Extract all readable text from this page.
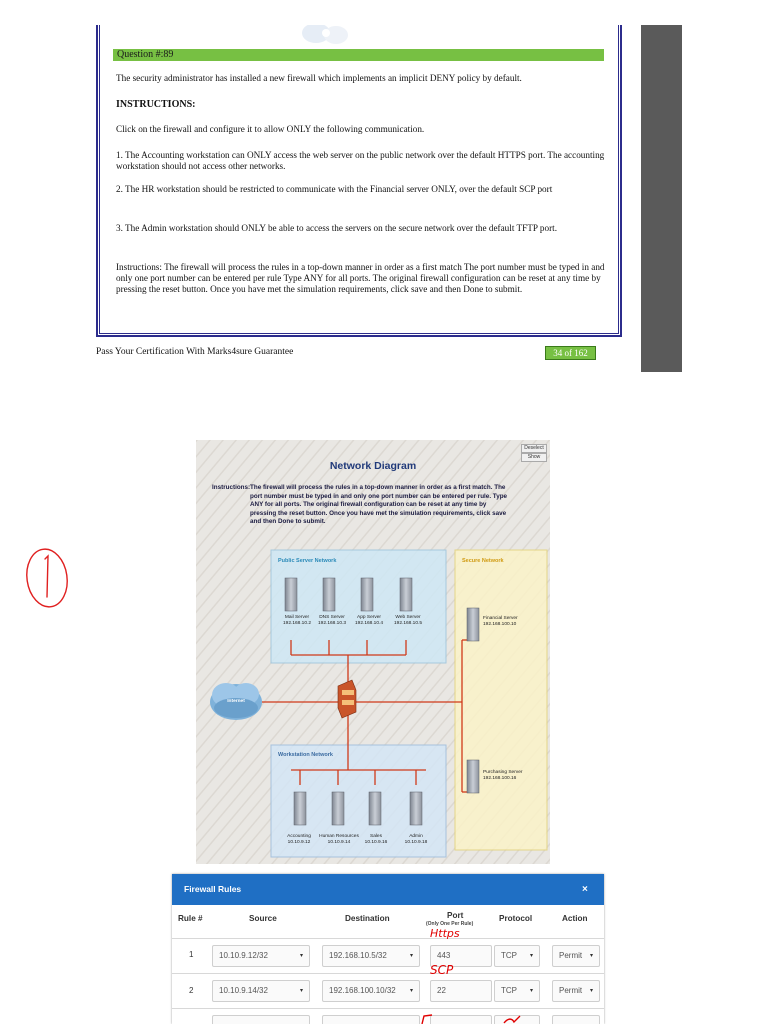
Question #:89
The security administrator has installed a new firewall which implements an implicit DENY policy by default.
INSTRUCTIONS:
Click on the firewall and configure it to allow ONLY the following communication.
1. The Accounting workstation can ONLY access the web server on the public network over the default HTTPS port. The accounting workstation should not access other networks.
2. The HR workstation should be restricted to communicate with the Financial server ONLY, over the default SCP port
3. The Admin workstation should ONLY be able to access the servers on the secure network over the default TFTP port.
Instructions: The firewall will process the rules in a top-down manner in order as a first match The port number must be typed in and only one port number can be entered per rule Type ANY for all ports. The original firewall configuration can be reset at any time by pressing the reset button. Once you have met the simulation requirements, click save and then Done to submit.
Pass Your Certification With Marks4sure Guarantee	34 of 162
Deselect
Show
Network Diagram
Instructions:The firewall will process the rules in a top-down manner in order as a first match. The port number must be typed in and only one port number can be entered per rule. Type ANY for all ports. The original firewall configuration can be reset at any time by pressing the reset button. Once you have met the simulation requirements, click save and then Done to submit.
Public Server Network	Secure Network
Workstation Network
Internet
Mail Server
192.168.10.2
DNS Server
192.168.10.3
App Server
192.168.10.4
Web Server
192.168.10.5
Financial Server
192.168.100.10
Purchasing Server
192.168.100.16
Accounting
10.10.9.12
Human Resources
10.10.9.14
Sales
10.10.9.16
Admin
10.10.9.18
Firewall Rules	×
Rule #	Source	Destination	Port
(Only One Per Rule)
Protocol	Action
1	10.10.9.12/32	▾	192.168.10.5/32	▾	443	TCP ▾	Permit ▾
2	10.10.9.14/32	▾	192.168.100.10/32 ▾	22	TCP ▾	Permit ▾
Https
SCP
